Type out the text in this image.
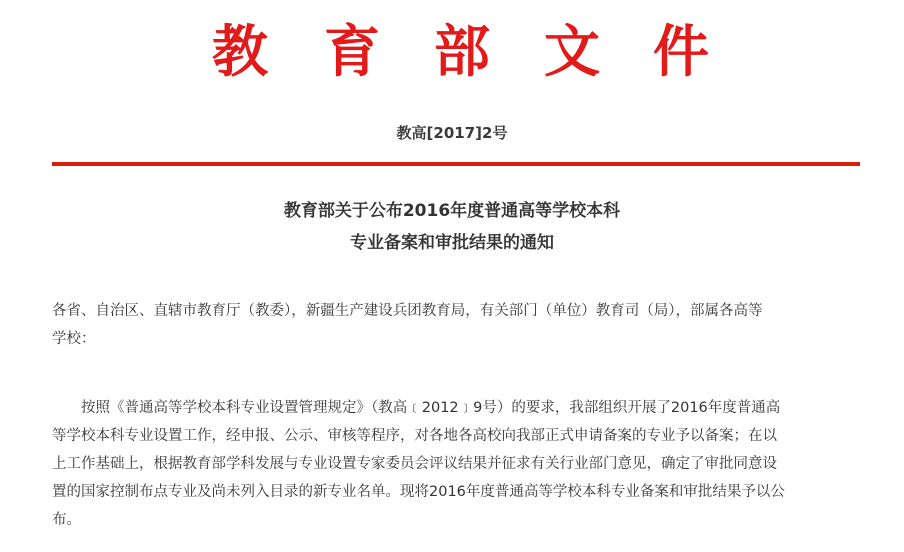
教 育 部 文 件
教高[2017]2号
教育部关于公布2016年度普通高等学校本科
专业备案和审批结果的通知
各省、自治区、直辖市教育厅（教委），新疆生产建设兵团教育局，有关部门（单位）教育司（局），部属各高等
学校：
按照《普通高等学校本科专业设置管理规定》（教高﹝2012﹞9号）的要求，我部组织开展了2016年度普通高
等学校本科专业设置工作，经申报、公示、审核等程序，对各地各高校向我部正式申请备案的专业予以备案；在以
上工作基础上，根据教育部学科发展与专业设置专家委员会评议结果并征求有关行业部门意见，确定了审批同意设
置的国家控制布点专业及尚未列入目录的新专业名单。现将2016年度普通高等学校本科专业备案和审批结果予以公
布。
